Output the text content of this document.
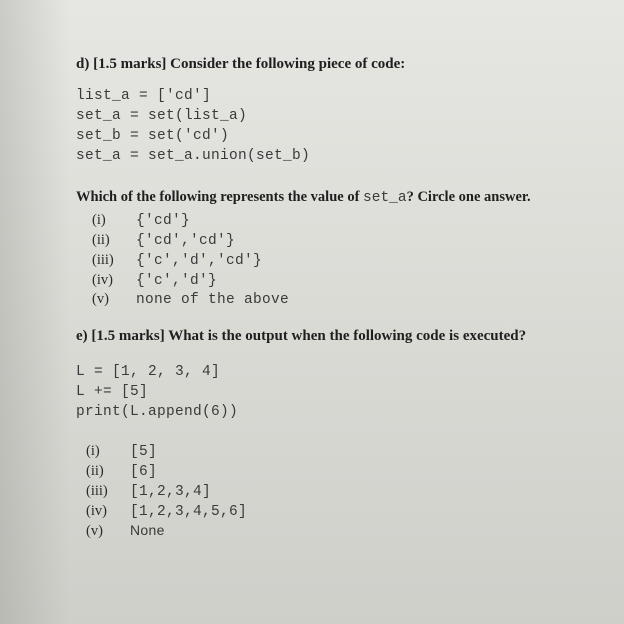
d) [1.5 marks] Consider the following piece of code:
list_a = ['cd']
set_a = set(list_a)
set_b = set('cd')
set_a = set_a.union(set_b)
Which of the following represents the value of set_a? Circle one answer.
(i) {'cd'}
(ii) {'cd','cd'}
(iii) {'c','d','cd'}
(iv) {'c','d'}
(v) none of the above
e) [1.5 marks] What is the output when the following code is executed?
L = [1, 2, 3, 4]
L += [5]
print(L.append(6))
(i) [5]
(ii) [6]
(iii) [1,2,3,4]
(iv) [1,2,3,4,5,6]
(v) None
